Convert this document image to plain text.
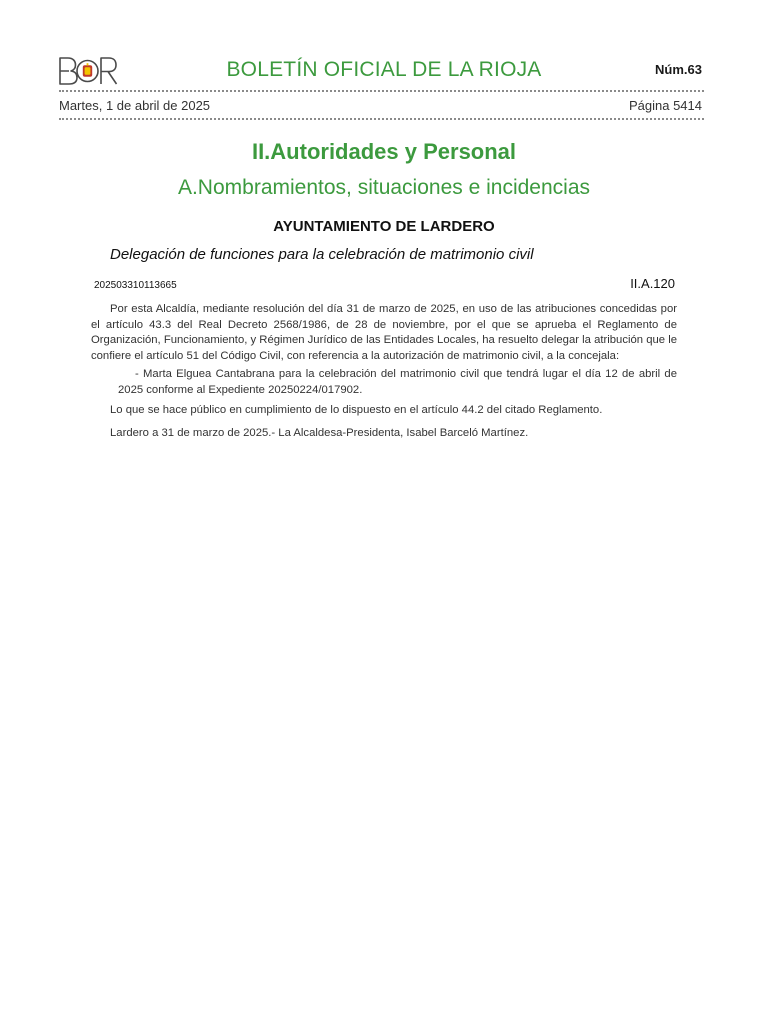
BOLETÍN OFICIAL DE LA RIOJA	Núm.63
Martes, 1 de abril de 2025	Página 5414
II.Autoridades y Personal
A.Nombramientos, situaciones e incidencias
AYUNTAMIENTO DE LARDERO
Delegación de funciones para la celebración de matrimonio civil
202503310113665	II.A.120
Por esta Alcaldía, mediante resolución del día 31 de marzo de 2025, en uso de las atribuciones concedidas por el artículo 43.3 del Real Decreto 2568/1986, de 28 de noviembre, por el que se aprueba el Reglamento de Organización, Funcionamiento, y Régimen Jurídico de las Entidades Locales, ha resuelto delegar la atribución que le confiere el artículo 51 del Código Civil, con referencia a la autorización de matrimonio civil, a la concejala:
- Marta Elguea Cantabrana para la celebración del matrimonio civil que tendrá lugar el día 12 de abril de 2025 conforme al Expediente 20250224/017902.
Lo que se hace público en cumplimiento de lo dispuesto en el artículo 44.2 del citado Reglamento.
Lardero a 31 de marzo de 2025.- La Alcaldesa-Presidenta, Isabel Barceló Martínez.
